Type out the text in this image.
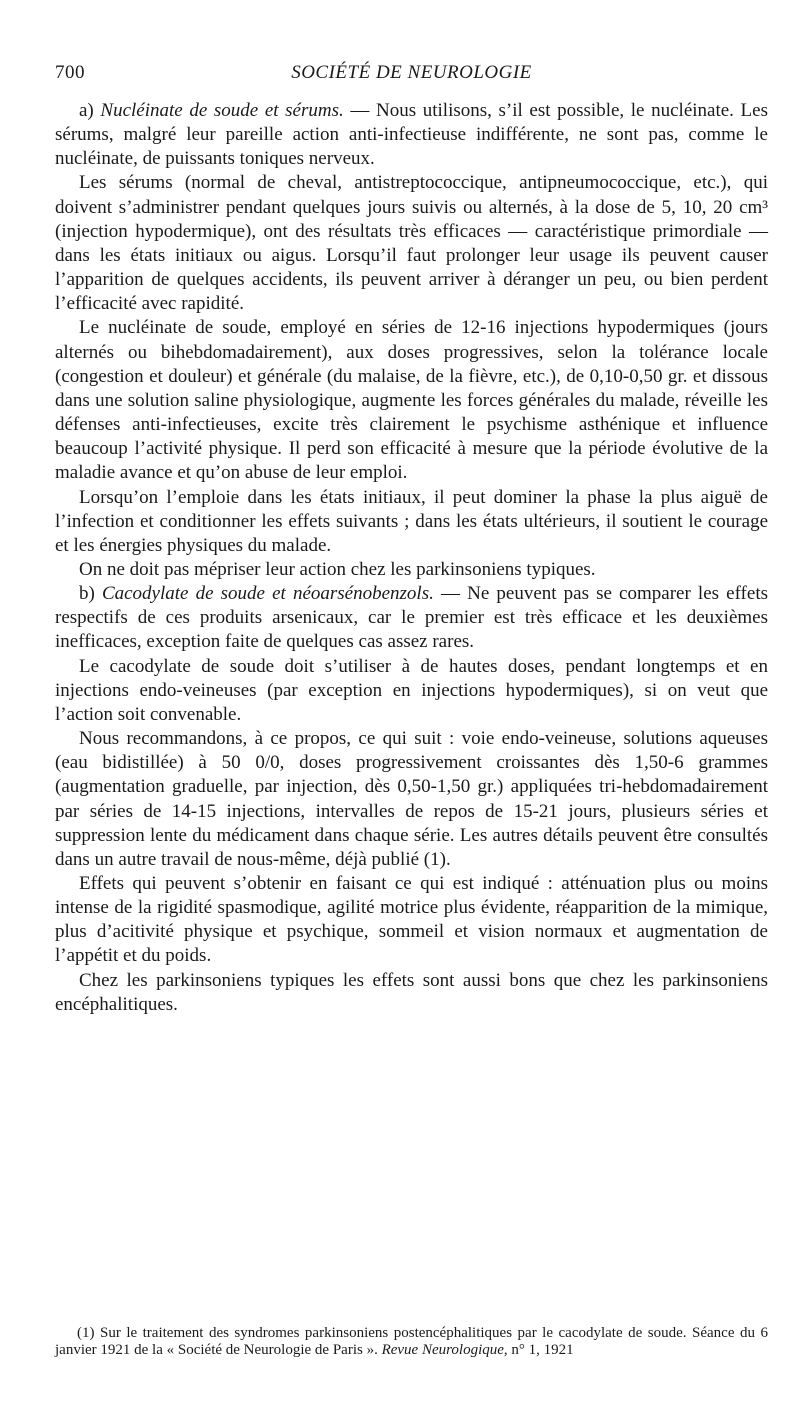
700	SOCIÉTÉ DE NEUROLOGIE

a) Nucléinate de soude et sérums. — Nous utilisons, s’il est possible, le nucléinate. Les sérums, malgré leur pareille action anti-infectieuse indifférente, ne sont pas, comme le nucléinate, de puissants toniques nerveux.

Les sérums (normal de cheval, antistreptococcique, antipneumococcique, etc.), qui doivent s’administrer pendant quelques jours suivis ou alternés, à la dose de 5, 10, 20 cm³ (injection hypodermique), ont des résultats très efficaces — caractéristique primordiale — dans les états initiaux ou aigus. Lorsqu’il faut prolonger leur usage ils peuvent causer l’apparition de quelques accidents, ils peuvent arriver à déranger un peu, ou bien perdent l’efficacité avec rapidité.

Le nucléinate de soude, employé en séries de 12-16 injections hypodermiques (jours alternés ou bihebdomadairement), aux doses progressives, selon la tolérance locale (congestion et douleur) et générale (du malaise, de la fièvre, etc.), de 0,10-0,50 gr. et dissous dans une solution saline physiologique, augmente les forces générales du malade, réveille les défenses anti-infectieuses, excite très clairement le psychisme asthénique et influence beaucoup l’activité physique. Il perd son efficacité à mesure que la période évolutive de la maladie avance et qu’on abuse de leur emploi.

Lorsqu’on l’emploie dans les états initiaux, il peut dominer la phase la plus aiguë de l’infection et conditionner les effets suivants ; dans les états ultérieurs, il soutient le courage et les énergies physiques du malade.

On ne doit pas mépriser leur action chez les parkinsoniens typiques.

b) Cacodylate de soude et néoarsénobenzols. — Ne peuvent pas se comparer les effets respectifs de ces produits arsenicaux, car le premier est très efficace et les deuxièmes inefficaces, exception faite de quelques cas assez rares.

Le cacodylate de soude doit s’utiliser à de hautes doses, pendant longtemps et en injections endo-veineuses (par exception en injections hypodermiques), si on veut que l’action soit convenable.

Nous recommandons, à ce propos, ce qui suit : voie endo-veineuse, solutions aqueuses (eau bidistillée) à 50 0/0, doses progressivement croissantes dès 1,50-6 grammes (augmentation graduelle, par injection, dès 0,50-1,50 gr.) appliquées tri-hebdomadairement par séries de 14-15 injections, intervalles de repos de 15-21 jours, plusieurs séries et suppression lente du médicament dans chaque série. Les autres détails peuvent être consultés dans un autre travail de nous-même, déjà publié (1).

Effets qui peuvent s’obtenir en faisant ce qui est indiqué : atténuation plus ou moins intense de la rigidité spasmodique, agilité motrice plus évidente, réapparition de la mimique, plus d’acitivité physique et psychique, sommeil et vision normaux et augmentation de l’appétit et du poids.

Chez les parkinsoniens typiques les effets sont aussi bons que chez les parkinsoniens encéphalitiques.

(1) Sur le traitement des syndromes parkinsoniens postencéphalitiques par le cacodylate de soude. Séance du 6 janvier 1921 de la « Société de Neurologie de Paris ». Revue Neurologique, n° 1, 1921
